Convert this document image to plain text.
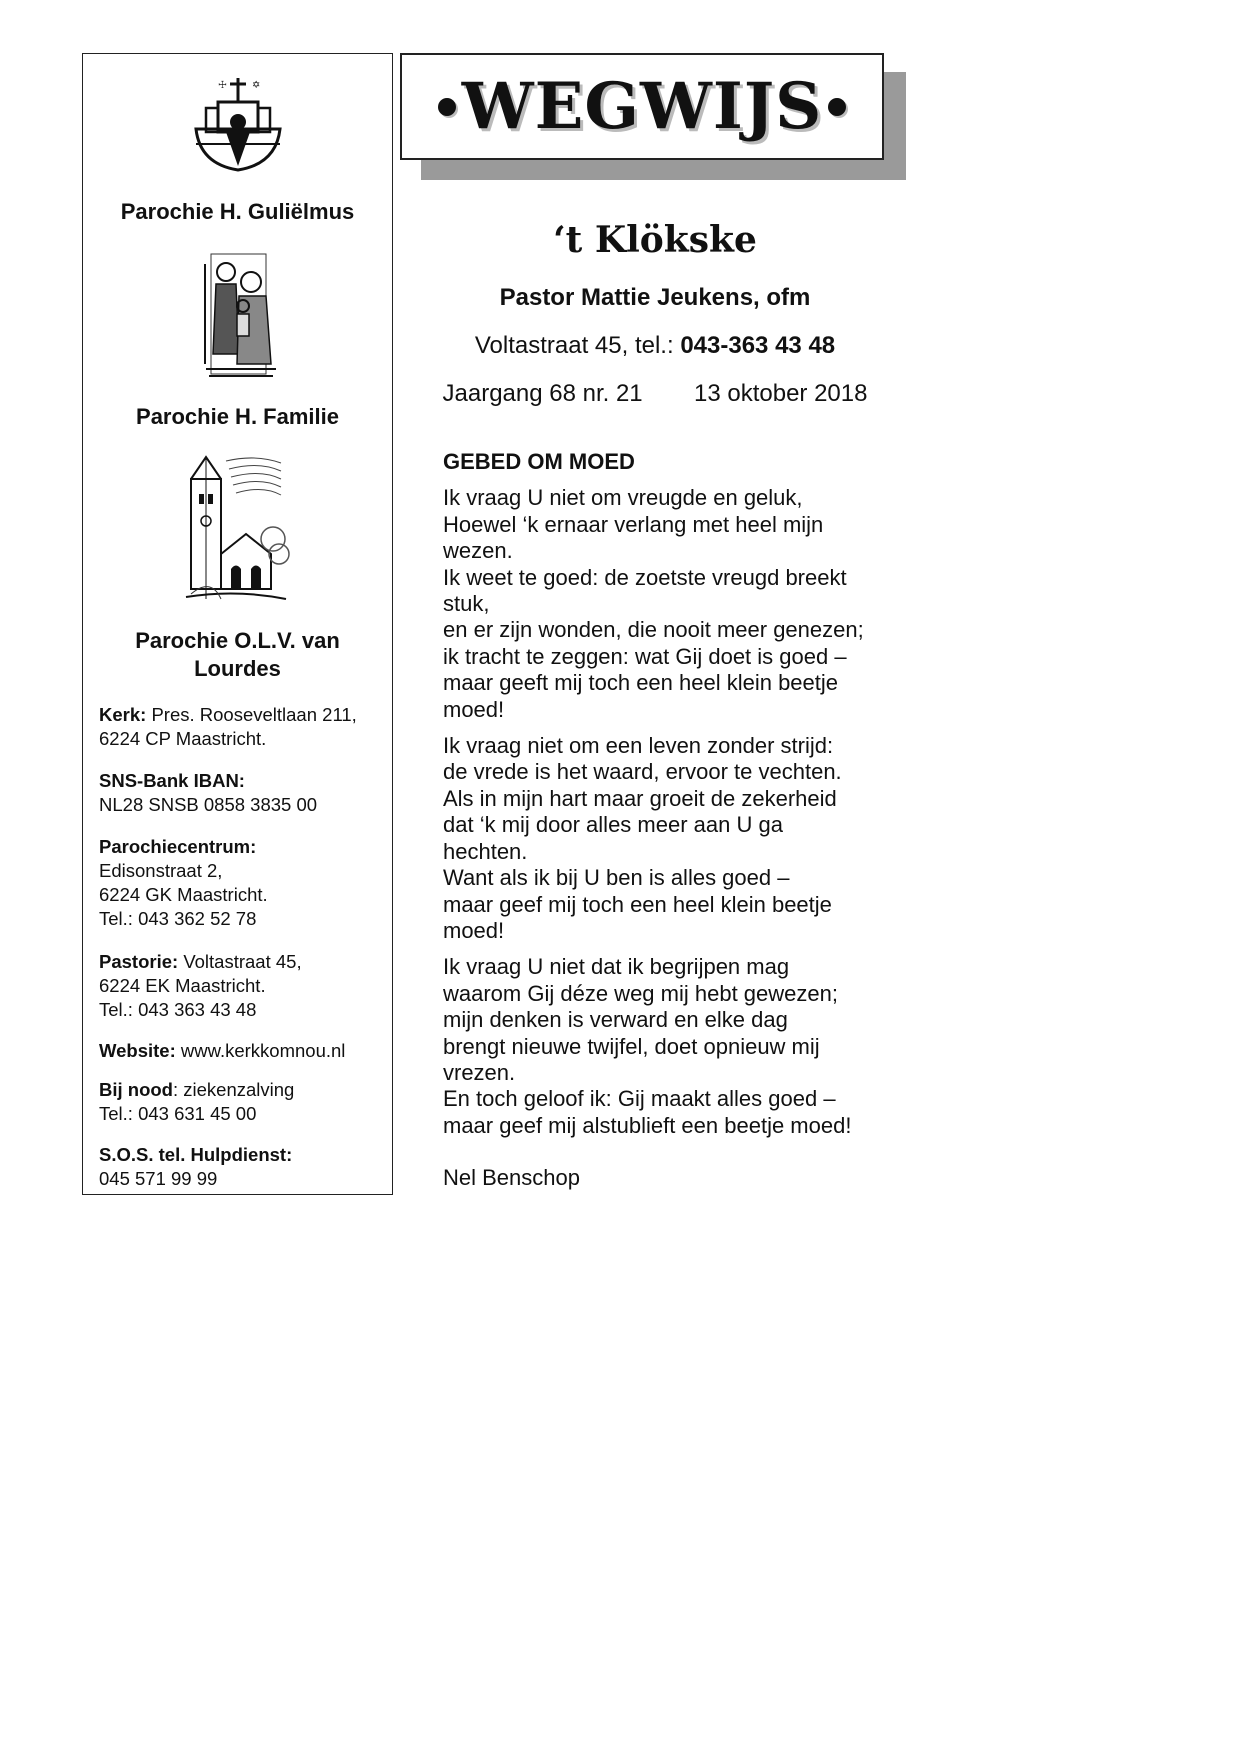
☩	✡
Parochie H. Guliëlmus
Parochie H. Familie
Parochie O.L.V. van
Lourdes
Kerk: Pres. Rooseveltlaan 211,
6224 CP Maastricht.
SNS-Bank IBAN:
NL28 SNSB 0858 3835 00
Parochiecentrum:
Edisonstraat 2,
6224 GK Maastricht.
Tel.: 043 362 52 78
Pastorie: Voltastraat 45,
6224 EK Maastricht.
Tel.: 043 363 43 48
Website: www.kerkkomnou.nl
Bij nood: ziekenzalving
Tel.: 043 631 45 00
S.O.S. tel. Hulpdienst:
045 571 99 99
WEGWIJS
‘t Klökske
Pastor Mattie Jeukens, ofm
Voltastraat 45, tel.: 043-363 43 48
Jaargang 68 nr. 21 13 oktober 2018
GEBED OM MOED
Ik vraag U niet om vreugde en geluk,
Hoewel ‘k ernaar verlang met heel mijn
wezen.
Ik weet te goed: de zoetste vreugd breekt
stuk,
en er zijn wonden, die nooit meer genezen;
ik tracht te zeggen: wat Gij doet is goed –
maar geeft mij toch een heel klein beetje
moed!
Ik vraag niet om een leven zonder strijd:
de vrede is het waard, ervoor te vechten.
Als in mijn hart maar groeit de zekerheid
dat ‘k mij door alles meer aan U ga
hechten.
Want als ik bij U ben is alles goed –
maar geef mij toch een heel klein beetje
moed!
Ik vraag U niet dat ik begrijpen mag
waarom Gij déze weg mij hebt gewezen;
mijn denken is verward en elke dag
brengt nieuwe twijfel, doet opnieuw mij
vrezen.
En toch geloof ik: Gij maakt alles goed –
maar geef mij alstublieft een beetje moed!
Nel Benschop
